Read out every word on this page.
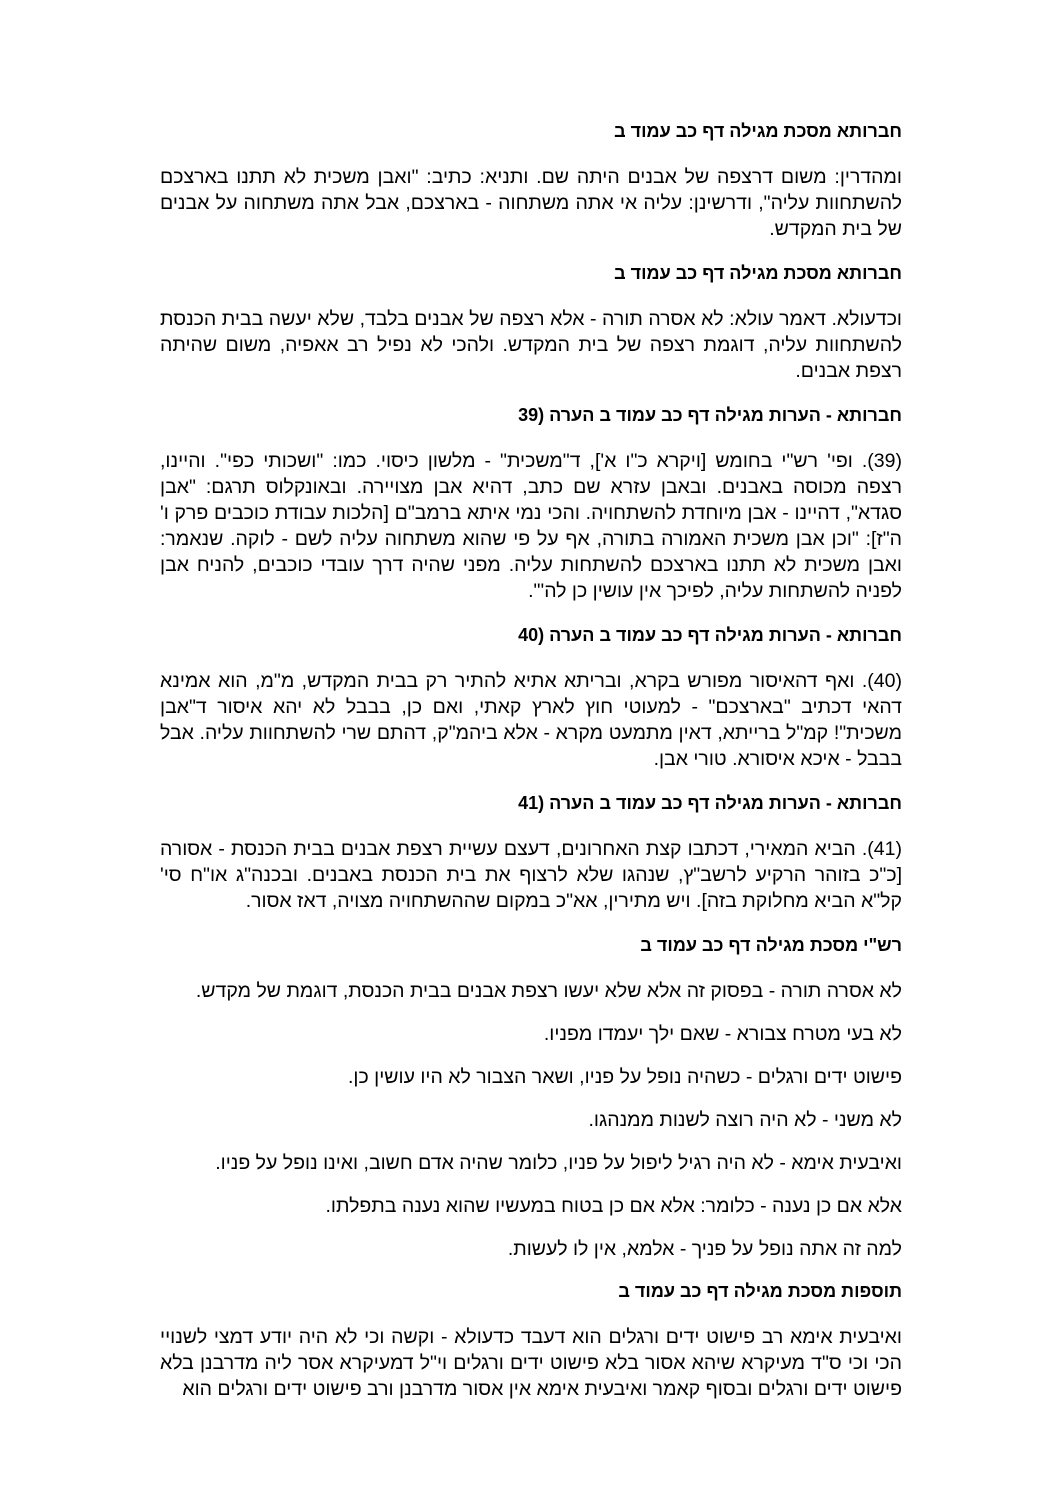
חברותא מסכת מגילה דף כב עמוד ב
ומהדרין: משום דרצפה של אבנים היתה שם. ותניא: כתיב: "ואבן משכית לא תתנו בארצכם להשתחוות עליה", ודרשינן: עליה אי אתה משתחוה - בארצכם, אבל אתה משתחוה על אבנים של בית המקדש.
חברותא מסכת מגילה דף כב עמוד ב
וכדעולא. דאמר עולא: לא אסרה תורה - אלא רצפה של אבנים בלבד, שלא יעשה בבית הכנסת להשתחוות עליה, דוגמת רצפה של בית המקדש. ולהכי לא נפיל רב אאפיה, משום שהיתה רצפת אבנים.
חברותא - הערות מגילה דף כב עמוד ב הערה (39
(39). ופי' רש"י בחומש [ויקרא כ"ו א'], ד"משכית" - מלשון כיסוי. כמו: "ושכותי כפי". והיינו, רצפה מכוסה באבנים. ובאבן עזרא שם כתב, דהיא אבן מצויירה. ובאונקלוס תרגם: "אבן סגדא", דהיינו - אבן מיוחדת להשתחויה. והכי נמי איתא ברמב"ם [הלכות עבודת כוכבים פרק ו' ה"ז]: "וכן אבן משכית האמורה בתורה, אף על פי שהוא משתחוה עליה לשם - לוקה. שנאמר: ואבן משכית לא תתנו בארצכם להשתחות עליה. מפני שהיה דרך עובדי כוכבים, להניח אבן לפניה להשתחות עליה, לפיכך אין עושין כן לה'".
חברותא - הערות מגילה דף כב עמוד ב הערה (40
(40). ואף דהאיסור מפורש בקרא, ובריתא אתיא להתיר רק בבית המקדש, מ"מ, הוא אמינא דהאי דכתיב "בארצכם" - למעוטי חוץ לארץ קאתי, ואם כן, בבבל לא יהא איסור ד"אבן משכית"! קמ"ל ברייתא, דאין מתמעט מקרא - אלא ביהמ"ק, דהתם שרי להשתחוות עליה. אבל בבבל - איכא איסורא. טורי אבן.
חברותא - הערות מגילה דף כב עמוד ב הערה (41
(41). הביא המאירי, דכתבו קצת האחרונים, דעצם עשיית רצפת אבנים בבית הכנסת - אסורה [כ"כ בזוהר הרקיע לרשב"ץ, שנהגו שלא לרצוף את בית הכנסת באבנים. ובכנה"ג או"ח סי' קל"א הביא מחלוקת בזה]. ויש מתירין, אא"כ במקום שההשתחויה מצויה, דאז אסור.
רש"י מסכת מגילה דף כב עמוד ב
לא אסרה תורה - בפסוק זה אלא שלא יעשו רצפת אבנים בבית הכנסת, דוגמת של מקדש.
לא בעי מטרח צבורא - שאם ילך יעמדו מפניו.
פישוט ידים ורגלים - כשהיה נופל על פניו, ושאר הצבור לא היו עושין כן.
לא משני - לא היה רוצה לשנות ממנהגו.
ואיבעית אימא - לא היה רגיל ליפול על פניו, כלומר שהיה אדם חשוב, ואינו נופל על פניו.
אלא אם כן נענה - כלומר: אלא אם כן בטוח במעשיו שהוא נענה בתפלתו.
למה זה אתה נופל על פניך - אלמא, אין לו לעשות.
תוספות מסכת מגילה דף כב עמוד ב
ואיבעית אימא רב פישוט ידים ורגלים הוא דעבד כדעולא - וקשה וכי לא היה יודע דמצי לשנויי הכי וכי ס"ד מעיקרא שיהא אסור בלא פישוט ידים ורגלים וי"ל דמעיקרא אסר ליה מדרבנן בלא פישוט ידים ורגלים ובסוף קאמר ואיבעית אימא אין אסור מדרבנן ורב פישוט ידים ורגלים הוא
